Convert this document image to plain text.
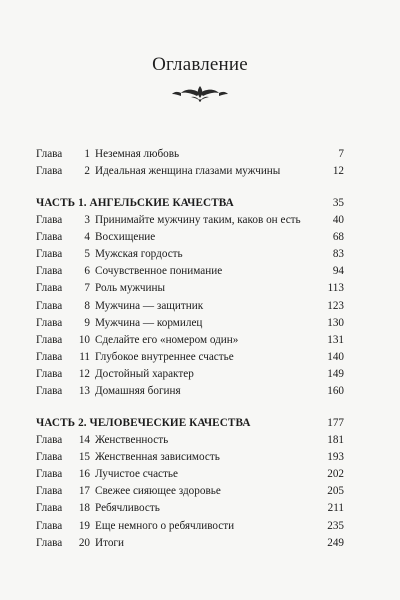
Оглавление
Глава	1 Неземная любовь	7
Глава	2 Идеальная женщина глазами мужчины	12
ЧАСТЬ 1. АНГЕЛЬСКИЕ КАЧЕСТВА	35
Глава	3 Принимайте мужчину таким, каков он есть	40
Глава	4 Восхищение	68
Глава	5 Мужская гордость	83
Глава	6 Сочувственное понимание	94
Глава	7 Роль мужчины	113
Глава	8 Мужчина — защитник	123
Глава	9 Мужчина — кормилец	130
Глава	10 Сделайте его «номером один»	131
Глава	11 Глубокое внутреннее счастье	140
Глава	12 Достойный характер	149
Глава	13 Домашняя богиня	160
ЧАСТЬ 2. ЧЕЛОВЕЧЕСКИЕ КАЧЕСТВА	177
Глава	14 Женственность	181
Глава	15 Женственная зависимость	193
Глава	16 Лучистое счастье	202
Глава	17 Свежее сияющее здоровье	205
Глава	18 Ребячливость	211
Глава	19 Еще немного о ребячливости	235
Глава	20 Итоги	249
